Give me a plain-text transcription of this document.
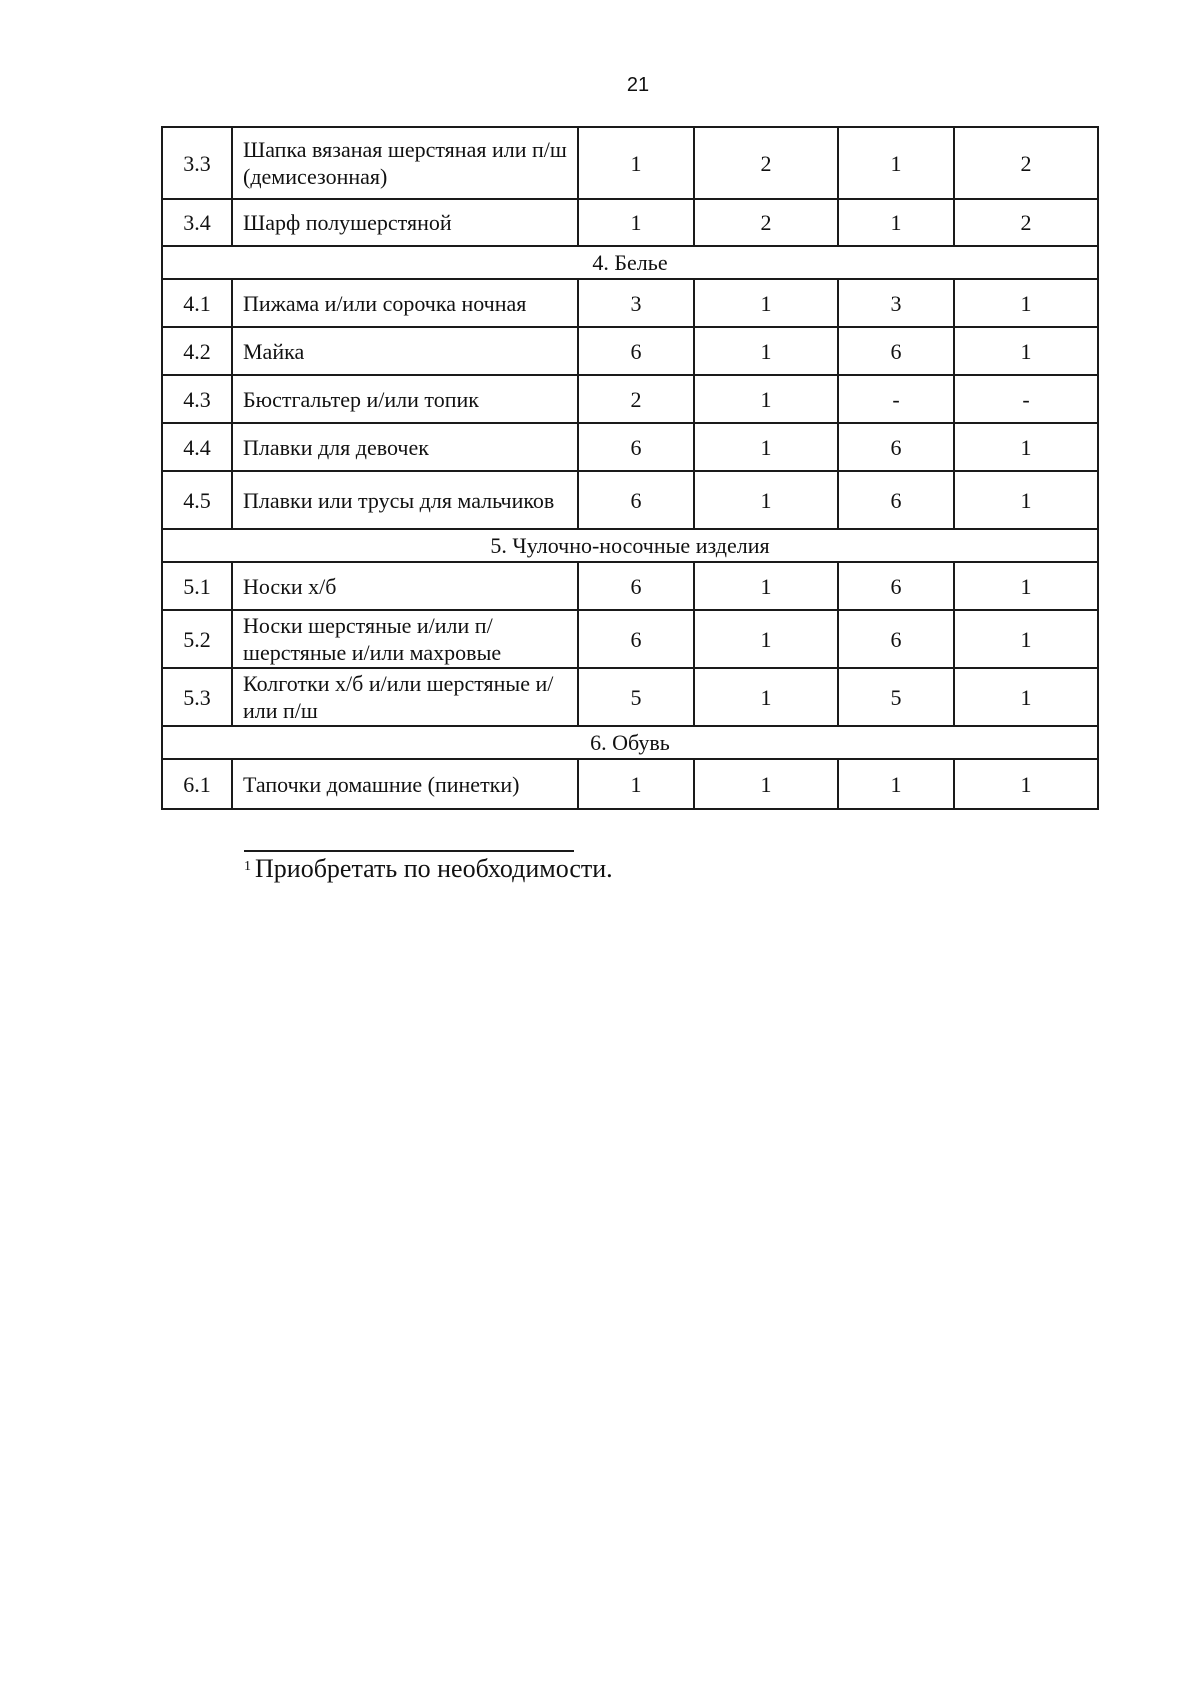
21
3.3	Шапка вязаная шерстяная или п/ш (демисезонная)	1	2	1	2
3.4	Шарф полушерстяной	1	2	1	2
4. Белье					
4.1	Пижама и/или сорочка ночная	3	1	3	1
4.2	Майка	6	1	6	1
4.3	Бюстгальтер и/или топик	2	1	-	-
4.4	Плавки для девочек	6	1	6	1
4.5	Плавки или трусы для мальчиков	6	1	6	1
5. Чулочно-носочные изделия					
5.1	Носки х/б	6	1	6	1
5.2	Носки шерстяные и/или п/шерстяные и/или махровые	6	1	6	1
5.3	Колготки х/б и/или шерстяные и/или п/ш	5	1	5	1
6. Обувь					
6.1	Тапочки домашние (пинетки)	1	1	1	1
$^1$ Приобретать по необходимости.
